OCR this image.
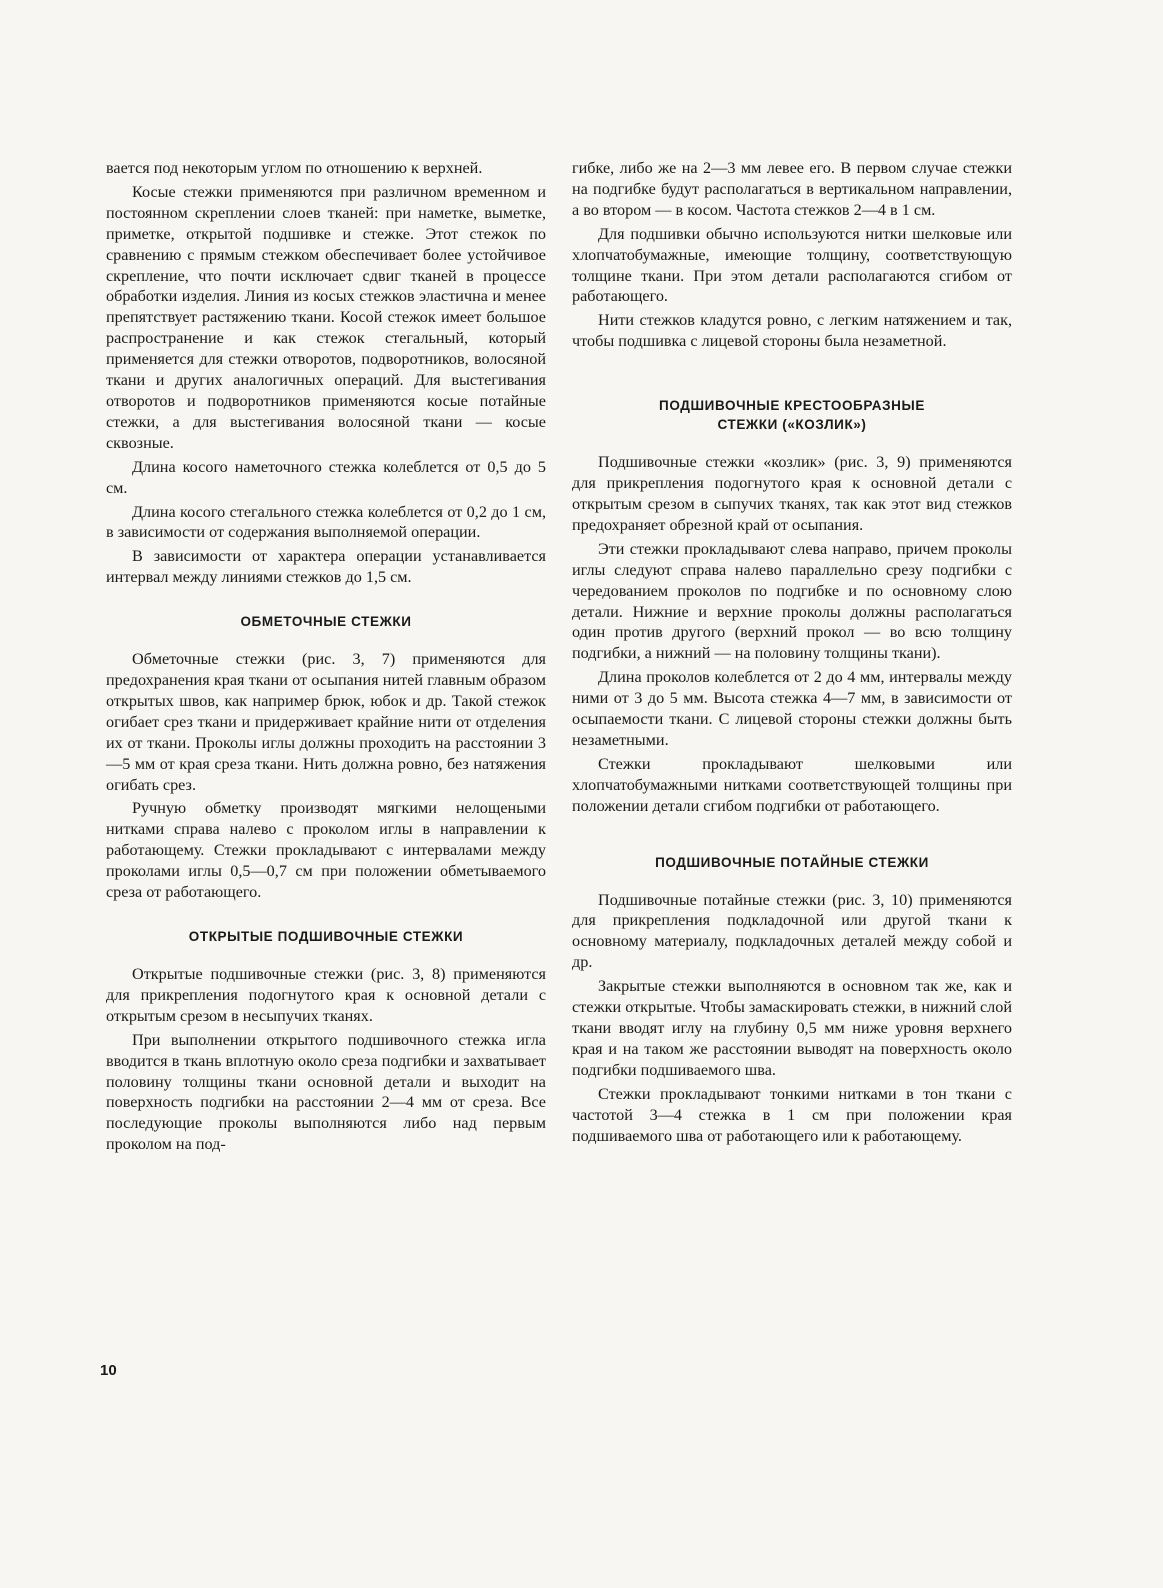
вается под некоторым углом по отношению к верхней.

Косые стежки применяются при различном временном и постоянном скреплении слоев тканей: при наметке, выметке, приметке, открытой подшивке и стежке. Этот стежок по сравнению с прямым стежком обеспечивает более устойчивое скрепление, что почти исключает сдвиг тканей в процессе обработки изделия. Линия из косых стежков эластична и менее препятствует растяжению ткани. Косой стежок имеет большое распространение и как стежок стегальный, который применяется для стежки отворотов, подворотников, волосяной ткани и других аналогичных операций. Для выстегивания отворотов и подворотников применяются косые потайные стежки, а для выстегивания волосяной ткани — косые сквозные.

Длина косого наметочного стежка колеблется от 0,5 до 5 см.

Длина косого стегального стежка колеблется от 0,2 до 1 см, в зависимости от содержания выполняемой операции.

В зависимости от характера операции устанавливается интервал между линиями стежков до 1,5 см.

ОБМЕТОЧНЫЕ СТЕЖКИ

Обметочные стежки (рис. 3, 7) применяются для предохранения края ткани от осыпания нитей главным образом открытых швов, как например брюк, юбок и др. Такой стежок огибает срез ткани и придерживает крайние нити от отделения их от ткани. Проколы иглы должны проходить на расстоянии 3—5 мм от края среза ткани. Нить должна ровно, без натяжения огибать срез.

Ручную обметку производят мягкими нелощеными нитками справа налево с проколом иглы в направлении к работающему. Стежки прокладывают с интервалами между проколами иглы 0,5—0,7 см при положении обметываемого среза от работающего.

ОТКРЫТЫЕ ПОДШИВОЧНЫЕ СТЕЖКИ

Открытые подшивочные стежки (рис. 3, 8) применяются для прикрепления подогнутого края к основной детали с открытым срезом в несыпучих тканях.

При выполнении открытого подшивочного стежка игла вводится в ткань вплотную около среза подгибки и захватывает половину толщины ткани основной детали и выходит на поверхность подгибки на расстоянии 2—4 мм от среза. Все последующие проколы выполняются либо над первым проколом на под-

гибке, либо же на 2—3 мм левее его. В первом случае стежки на подгибке будут располагаться в вертикальном направлении, а во втором — в косом. Частота стежков 2—4 в 1 см.

Для подшивки обычно используются нитки шелковые или хлопчатобумажные, имеющие толщину, соответствующую толщине ткани. При этом детали располагаются сгибом от работающего.

Нити стежков кладутся ровно, с легким натяжением и так, чтобы подшивка с лицевой стороны была незаметной.

ПОДШИВОЧНЫЕ КРЕСТООБРАЗНЫЕ
СТЕЖКИ («КОЗЛИК»)

Подшивочные стежки «козлик» (рис. 3, 9) применяются для прикрепления подогнутого края к основной детали с открытым срезом в сыпучих тканях, так как этот вид стежков предохраняет обрезной край от осыпания.

Эти стежки прокладывают слева направо, причем проколы иглы следуют справа налево параллельно срезу подгибки с чередованием проколов по подгибке и по основному слою детали. Нижние и верхние проколы должны располагаться один против другого (верхний прокол — во всю толщину подгибки, а нижний — на половину толщины ткани).

Длина проколов колеблется от 2 до 4 мм, интервалы между ними от 3 до 5 мм. Высота стежка 4—7 мм, в зависимости от осыпаемости ткани. С лицевой стороны стежки должны быть незаметными.

Стежки прокладывают шелковыми или хлопчатобумажными нитками соответствующей толщины при положении детали сгибом подгибки от работающего.

ПОДШИВОЧНЫЕ ПОТАЙНЫЕ СТЕЖКИ

Подшивочные потайные стежки (рис. 3, 10) применяются для прикрепления подкладочной или другой ткани к основному материалу, подкладочных деталей между собой и др.

Закрытые стежки выполняются в основном так же, как и стежки открытые. Чтобы замаскировать стежки, в нижний слой ткани вводят иглу на глубину 0,5 мм ниже уровня верхнего края и на таком же расстоянии выводят на поверхность около подгибки подшиваемого шва.

Стежки прокладывают тонкими нитками в тон ткани с частотой 3—4 стежка в 1 см при положении края подшиваемого шва от работающего или к работающему.

10
